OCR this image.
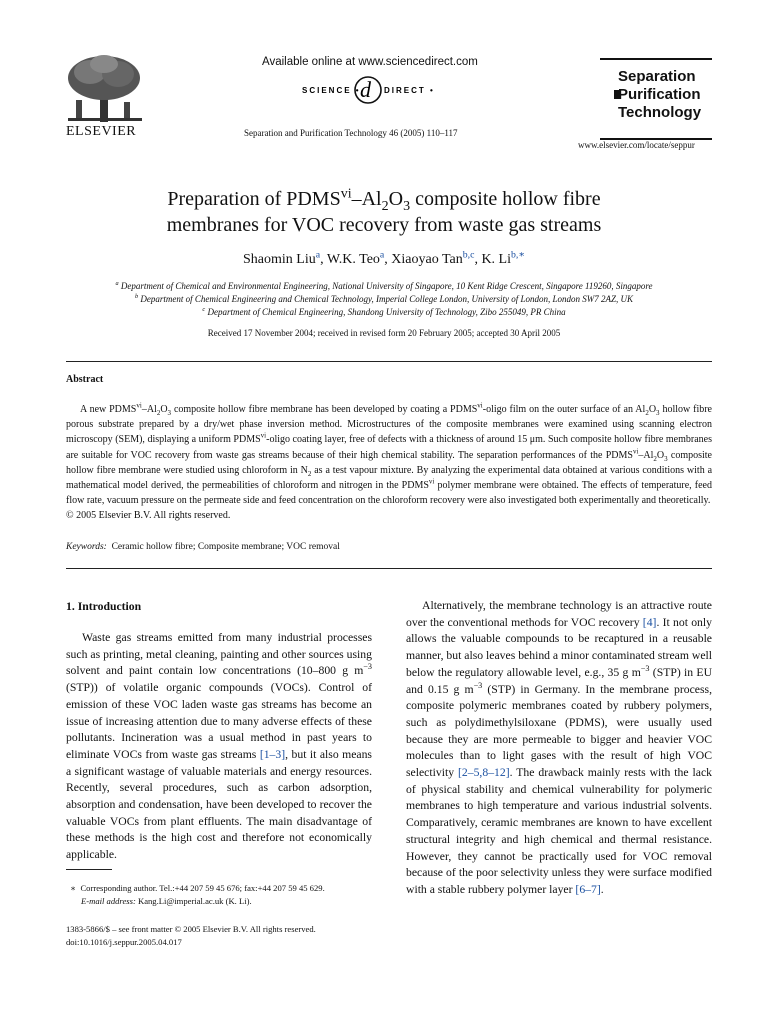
ELSEVIER
Available online at www.sciencedirect.com
SCIENCE • d DIRECT •
Separation and Purification Technology 46 (2005) 110–117
Separation
Purification
Technology
www.elsevier.com/locate/seppur
Preparation of $PDMS^{vi}-Al_2O_3$ composite hollow fibre
membranes for VOC recovery from waste gas streams
Shaomin Liu$^a$, W.K. Teo$^a$, Xiaoyao Tan$^{b,c}$, K. Li$^{b,∗}$
$^a$ Department of Chemical and Environmental Engineering, National University of Singapore, 10 Kent Ridge Crescent, Singapore 119260, Singapore
$^b$ Department of Chemical Engineering and Chemical Technology, Imperial College London, University of London, London SW7 2AZ, UK
$^c$ Department of Chemical Engineering, Shandong University of Technology, Zibo 255049, PR China
Received 17 November 2004; received in revised form 20 February 2005; accepted 30 April 2005
Abstract
A new $PDMS^{vi}-Al_2O_3$ composite hollow fibre membrane has been developed by coating a PDMS$^{vi}$-oligo film on the outer surface of an $Al_2O_3$ hollow fibre porous substrate prepared by a dry/wet phase inversion method. Microstructures of the composite membranes were examined using scanning electron microscopy (SEM), displaying a uniform PDMS$^{vi}$-oligo coating layer, free of defects with a thickness of around 15 μm. Such composite hollow fibre membranes are suitable for VOC recovery from waste gas streams because of their high chemical stability. The separation performances of the $PDMS^{vi}-Al_2O_3$ composite hollow fibre membrane were studied using chloroform in $N_2$ as a test vapour mixture. By analyzing the experimental data obtained at various conditions with a mathematical model derived, the permeabilities of chloroform and nitrogen in the PDMS$^{vi}$ polymer membrane were obtained. The effects of temperature, feed flow rate, vacuum pressure on the permeate side and feed concentration on the chloroform recovery were also investigated both experimentally and theoretically.
© 2005 Elsevier B.V. All rights reserved.
Keywords: Ceramic hollow fibre; Composite membrane; VOC removal
1. Introduction

Waste gas streams emitted from many industrial processes such as printing, metal cleaning, painting and other sources using solvent and paint contain low concentrations (10–800 g $m^{-3}$ (STP)) of volatile organic compounds (VOCs). Control of emission of these VOC laden waste gas streams has become an issue of increasing attention due to many adverse effects of these pollutants. Incineration was a usual method in past years to eliminate VOCs from waste gas streams [1–3], but it also means a significant wastage of valuable materials and energy resources. Recently, several procedures, such as carbon adsorption, absorption and condensation, have been developed to recover the valuable VOCs from plant effluents. The main disadvantage of these methods is the high cost and therefore not economically applicable.

Alternatively, the membrane technology is an attractive route over the conventional methods for VOC recovery [4]. It not only allows the valuable compounds to be recaptured in a reusable manner, but also leaves behind a minor contaminated stream well below the regulatory allowable level, e.g., 35 g $m^{-3}$ (STP) in EU and 0.15 g $m^{-3}$ (STP) in Germany. In the membrane process, composite polymeric membranes coated by rubbery polymers, such as polydimethylsiloxane (PDMS), were usually used because they are more permeable to bigger and heavier VOC molecules than to light gases with the result of high VOC selectivity [2–5,8–12]. The drawback mainly rests with the lack of physical stability and chemical vulnerability for polymeric membranes to high temperature and various industrial solvents. Comparatively, ceramic membranes are known to have excellent structural integrity and high chemical and thermal resistance. However, they cannot be practically used for VOC removal because of the poor selectivity unless they were surface modified with a stable rubbery polymer layer [6–7].

∗  Corresponding author. Tel.:+44 207 59 45 676; fax:+44 207 59 45 629.
E-mail address: Kang.Li@imperial.ac.uk (K. Li).
1383-5866/$ – see front matter © 2005 Elsevier B.V. All rights reserved.
doi:10.1016/j.seppur.2005.04.017
